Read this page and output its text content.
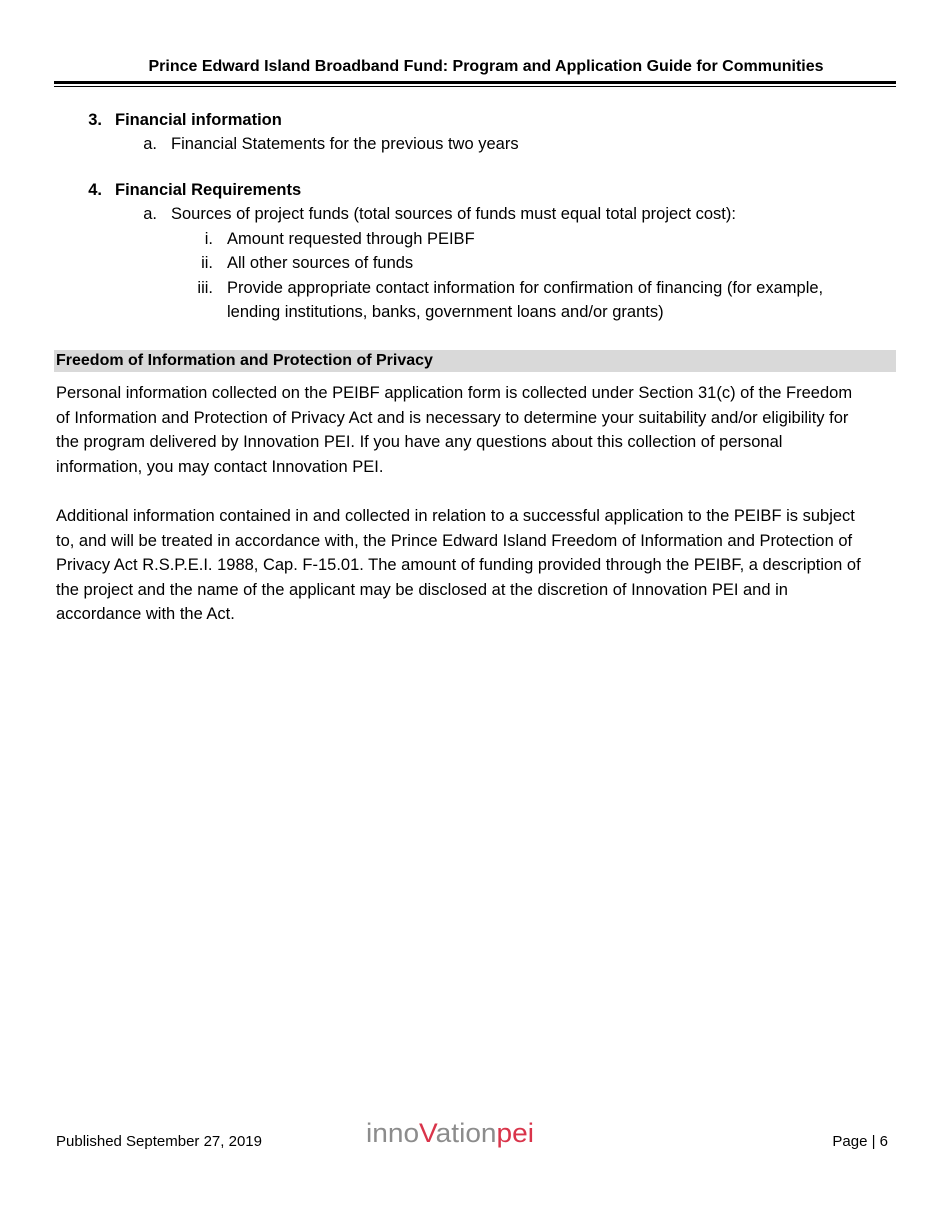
Prince Edward Island Broadband Fund: Program and Application Guide for Communities
3. Financial information
a. Financial Statements for the previous two years
4. Financial Requirements
a. Sources of project funds (total sources of funds must equal total project cost):
i. Amount requested through PEIBF
ii. All other sources of funds
iii. Provide appropriate contact information for confirmation of financing (for example,
lending institutions, banks, government loans and/or grants)
Freedom of Information and Protection of Privacy
Personal information collected on the PEIBF application form is collected under Section 31(c) of the Freedom
of Information and Protection of Privacy Act and is necessary to determine your suitability and/or eligibility for
the program delivered by Innovation PEI. If you have any questions about this collection of personal
information, you may contact Innovation PEI.
Additional information contained in and collected in relation to a successful application to the PEIBF is subject
to, and will be treated in accordance with, the Prince Edward Island Freedom of Information and Protection of
Privacy Act R.S.P.E.I. 1988, Cap. F-15.01. The amount of funding provided through the PEIBF, a description of
the project and the name of the applicant may be disclosed at the discretion of Innovation PEI and in
accordance with the Act.
Published September 27, 2019	innoVationpei	Page | 6
